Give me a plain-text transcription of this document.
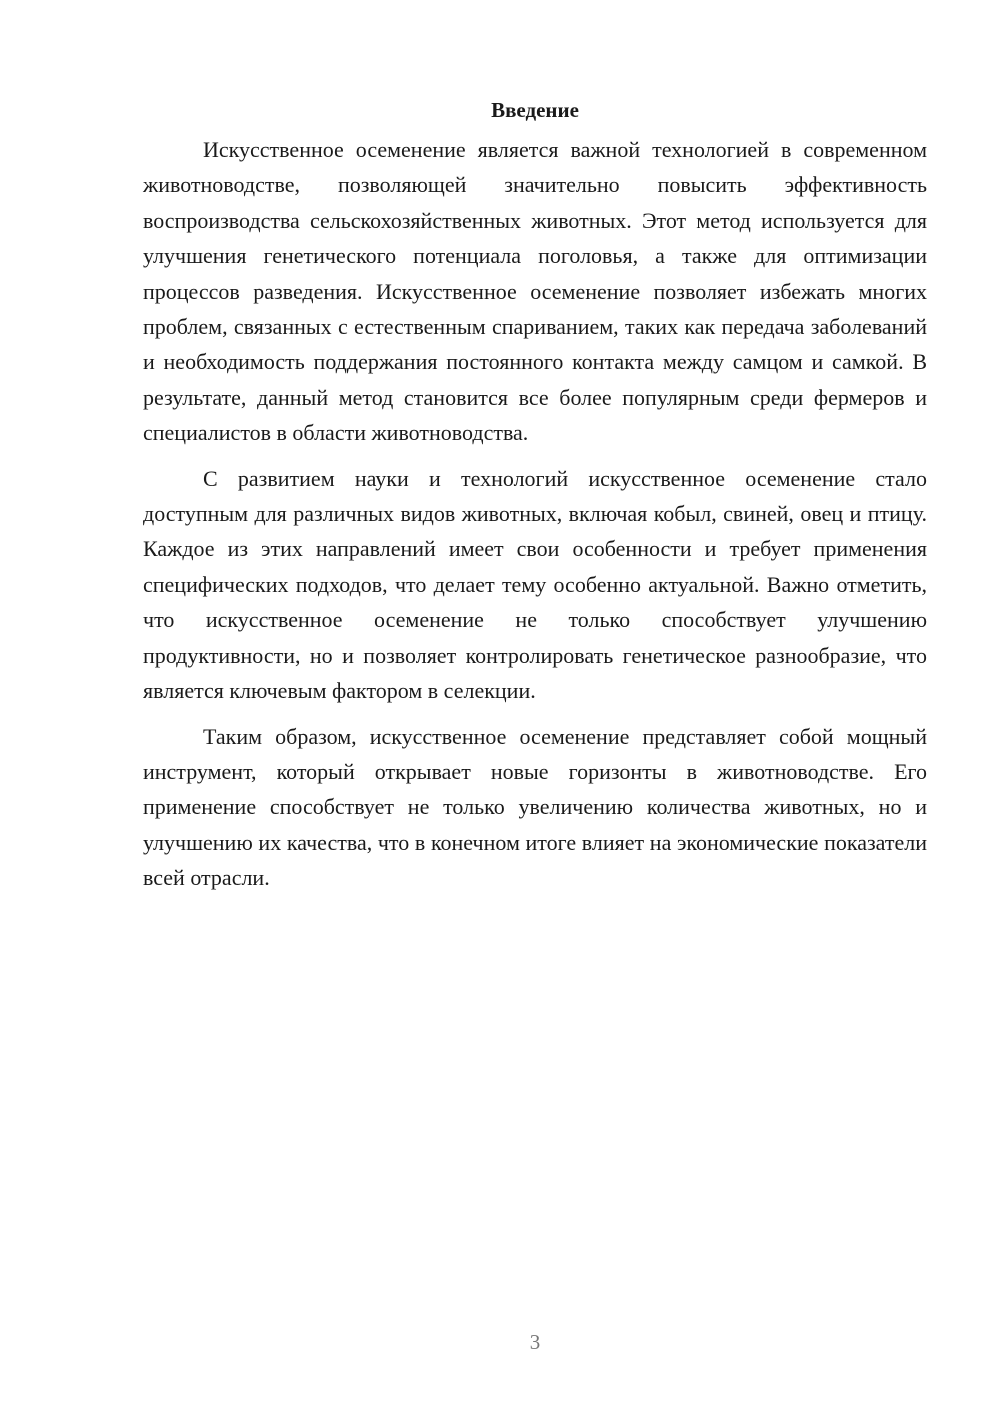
Введение

Искусственное осеменение является важной технологией в современном животноводстве, позволяющей значительно повысить эффективность воспроизводства сельскохозяйственных животных. Этот метод используется для улучшения генетического потенциала поголовья, а также для оптимизации процессов разведения. Искусственное осеменение позволяет избежать многих проблем, связанных с естественным спариванием, таких как передача заболеваний и необходимость поддержания постоянного контакта между самцом и самкой. В результате, данный метод становится все более популярным среди фермеров и специалистов в области животноводства.

С развитием науки и технологий искусственное осеменение стало доступным для различных видов животных, включая кобыл, свиней, овец и птицу. Каждое из этих направлений имеет свои особенности и требует применения специфических подходов, что делает тему особенно актуальной. Важно отметить, что искусственное осеменение не только способствует улучшению продуктивности, но и позволяет контролировать генетическое разнообразие, что является ключевым фактором в селекции.

Таким образом, искусственное осеменение представляет собой мощный инструмент, который открывает новые горизонты в животноводстве. Его применение способствует не только увеличению количества животных, но и улучшению их качества, что в конечном итоге влияет на экономические показатели всей отрасли.

3
